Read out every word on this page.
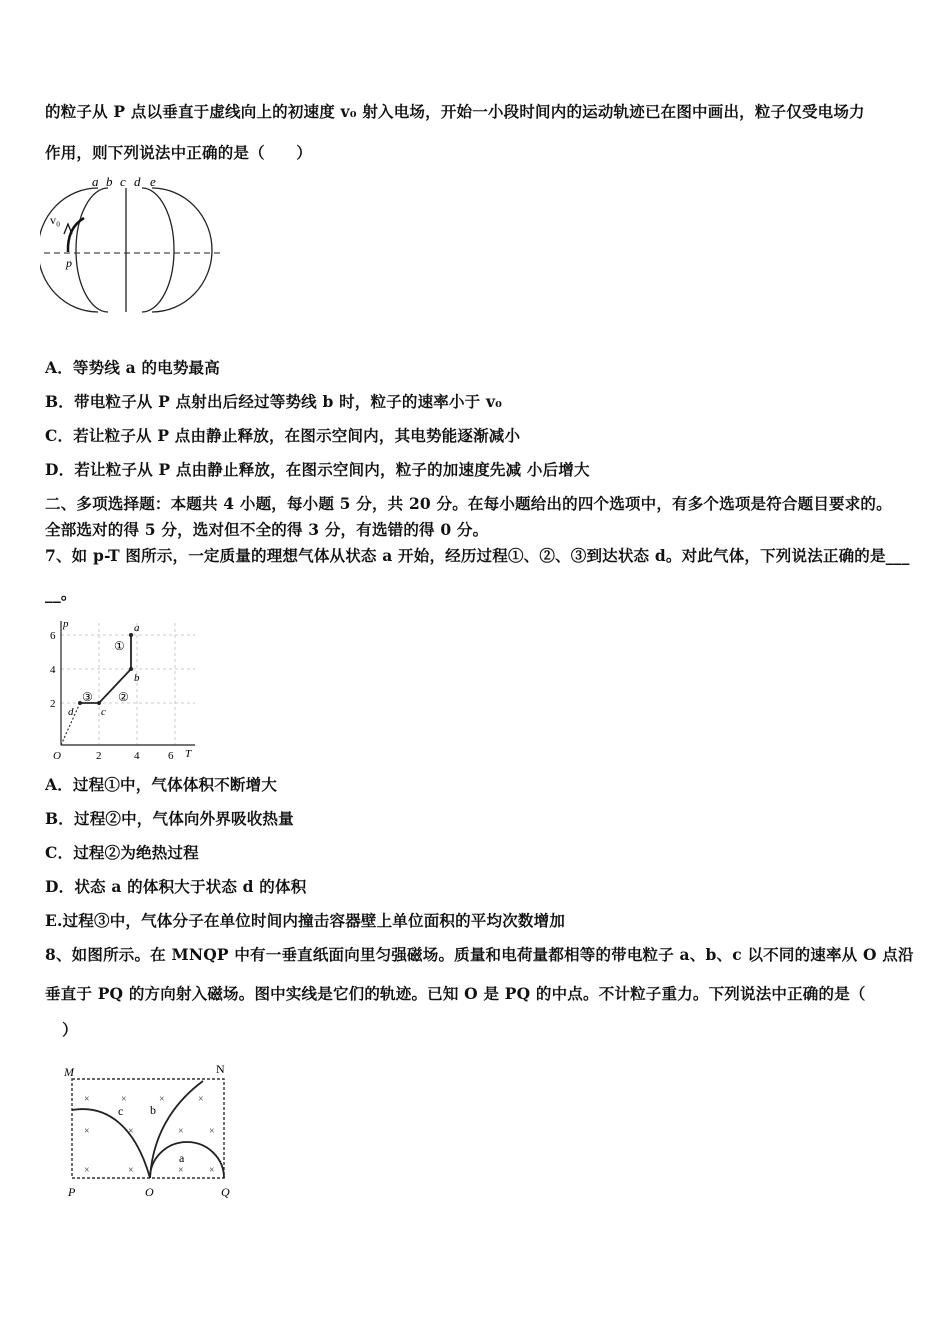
的粒子从 P 点以垂直于虚线向上的初速度 v₀ 射入电场，开始一小段时间内的运动轨迹已在图中画出，粒子仅受电场力
作用，则下列说法中正确的是（　　）
a b c d e
v₀
p
A．等势线 a 的电势最高
B．带电粒子从 P 点射出后经过等势线 b 时，粒子的速率小于 v₀
C．若让粒子从 P 点由静止释放，在图示空间内，其电势能逐渐减小
D．若让粒子从 P 点由静止释放，在图示空间内，粒子的加速度先减 小后增大
二、多项选择题：本题共 4 小题，每小题 5 分，共 20 分。在每小题给出的四个选项中，有多个选项是符合题目要求的。
全部选对的得 5 分，选对但不全的得 3 分，有选错的得 0 分。
7、如 p-T 图所示，一定质量的理想气体从状态 a 开始，经历过程①、②、③到达状态 d。对此气体，下列说法正确的是___
__。
p
T
O
2
4
6
2	4	6
a
b
c
d
①
②
③
A．过程①中，气体体积不断增大
B．过程②中，气体向外界吸收热量
C．过程②为绝热过程
D．状态 a 的体积大于状态 d 的体积
E.过程③中，气体分子在单位时间内撞击容器壁上单位面积的平均次数增加
8、如图所示。在 MNQP 中有一垂直纸面向里匀强磁场。质量和电荷量都相等的带电粒子 a、b、c 以不同的速率从 O 点沿
垂直于 PQ 的方向射入磁场。图中实线是它们的轨迹。已知 O 是 PQ 的中点。不计粒子重力。下列说法中正确的是（
）
×	×	×	×
×	×	×	×
×	×	×	×
M	N
P	O	Q
c b
a
